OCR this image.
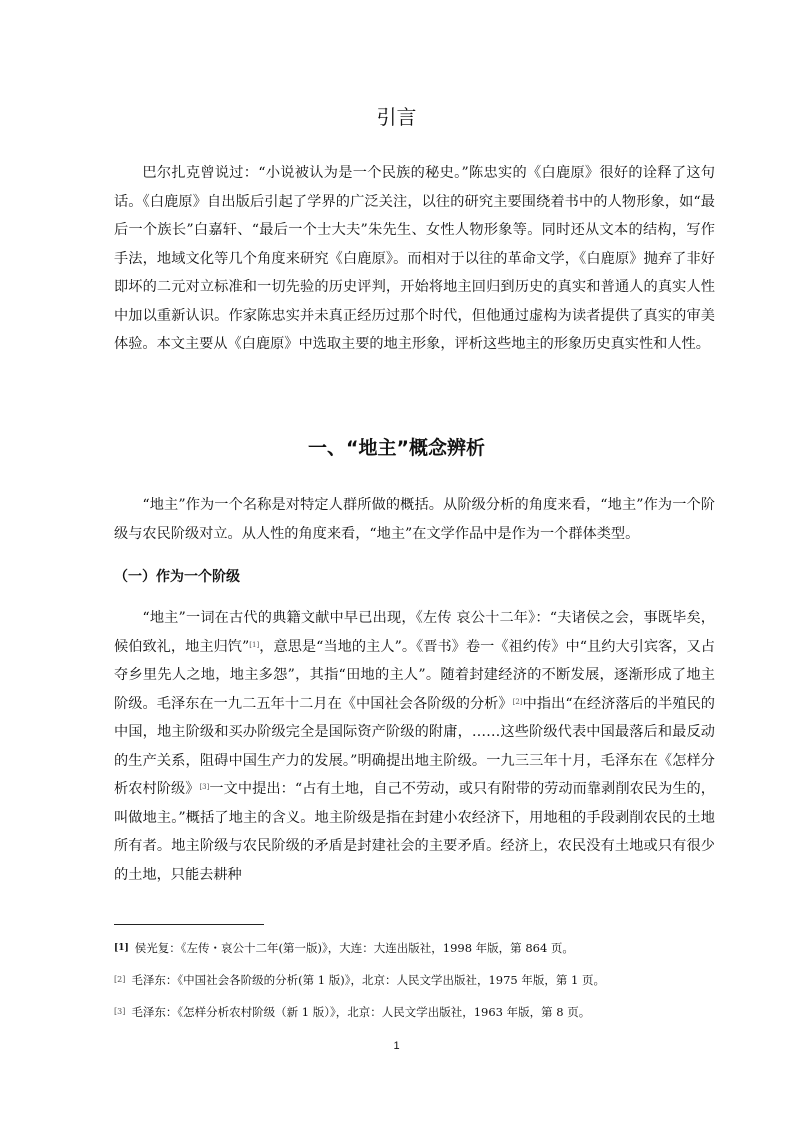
引言

巴尔扎克曾说过：“小说被认为是一个民族的秘史。”陈忠实的《白鹿原》很好的诠释了这句话。《白鹿原》自出版后引起了学界的广泛关注，以往的研究主要围绕着书中的人物形象，如“最后一个族长”白嘉轩、“最后一个士大夫”朱先生、女性人物形象等。同时还从文本的结构，写作手法，地域文化等几个角度来研究《白鹿原》。而相对于以往的革命文学，《白鹿原》抛弃了非好即坏的二元对立标准和一切先验的历史评判，开始将地主回归到历史的真实和普通人的真实人性中加以重新认识。作家陈忠实并未真正经历过那个时代，但他通过虚构为读者提供了真实的审美体验。本文主要从《白鹿原》中选取主要的地主形象，评析这些地主的形象历史真实性和人性。

一、“地主”概念辨析

“地主”作为一个名称是对特定人群所做的概括。从阶级分析的角度来看，“地主”作为一个阶级与农民阶级对立。从人性的角度来看，“地主”在文学作品中是作为一个群体类型。

（一）作为一个阶级

“地主”一词在古代的典籍文献中早已出现，《左传 哀公十二年》：“夫诸侯之会，事既毕矣，候伯致礼，地主归饩”[1]，意思是“当地的主人”。《晋书》卷一《祖约传》中“且约大引宾客，又占夺乡里先人之地，地主多怨”，其指“田地的主人”。随着封建经济的不断发展，逐渐形成了地主阶级。毛泽东在一九二五年十二月在《中国社会各阶级的分析》[2]中指出“在经济落后的半殖民的中国，地主阶级和买办阶级完全是国际资产阶级的附庸，……这些阶级代表中国最落后和最反动的生产关系，阻碍中国生产力的发展。”明确提出地主阶级。一九三三年十月，毛泽东在《怎样分析农村阶级》[3]一文中提出：“占有土地，自己不劳动，或只有附带的劳动而靠剥削农民为生的，叫做地主。”概括了地主的含义。地主阶级是指在封建小农经济下，用地租的手段剥削农民的土地所有者。地主阶级与农民阶级的矛盾是封建社会的主要矛盾。经济上，农民没有土地或只有很少的土地，只能去耕种

[1] 侯光复：《左传・哀公十二年(第一版)》，大连：大连出版社，1998 年版，第 864 页。

[2] 毛泽东：《中国社会各阶级的分析(第 1 版)》，北京：人民文学出版社，1975 年版，第 1 页。

[3] 毛泽东：《怎样分析农村阶级（新 1 版）》，北京：人民文学出版社，1963 年版，第 8 页。

1
